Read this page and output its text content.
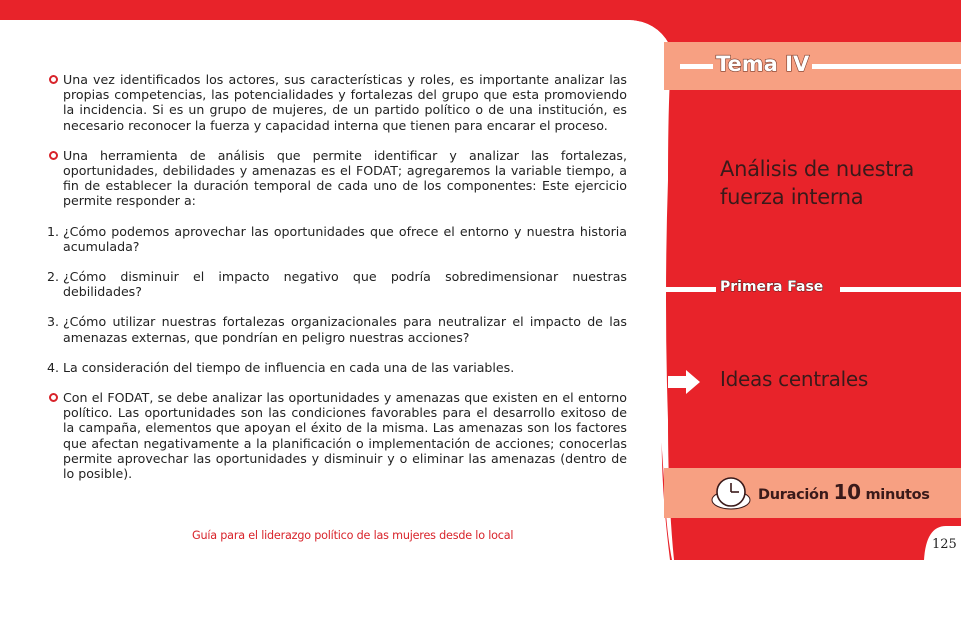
Una vez identificados los actores, sus características y roles, es importante analizar las propias competencias, las potencialidades y fortalezas del grupo que esta promoviendo la incidencia. Si es un grupo de mujeres, de un partido político o de una institución, es necesario reconocer la fuerza y capacidad interna que tienen para encarar el proceso.
Una herramienta de análisis que permite identificar y analizar las fortalezas, oportunidades, debilidades y amenazas es el FODAT; agregaremos la variable tiempo, a fin de establecer la duración temporal de cada uno de los componentes: Este ejercicio permite responder a:
1. ¿Cómo podemos aprovechar las oportunidades que ofrece el entorno y nuestra historia acumulada?
2. ¿Cómo disminuir el impacto negativo que podría sobredimensionar nuestras debilidades?
3. ¿Cómo utilizar nuestras fortalezas organizacionales para neutralizar el impacto de las amenazas externas, que pondrían en peligro nuestras acciones?
4. La consideración del tiempo de influencia en cada una de las variables.
Con el FODAT, se debe analizar las oportunidades y amenazas que existen en el entorno político. Las oportunidades son las condiciones favorables para el desarrollo exitoso de la campaña, elementos que apoyan el éxito de la misma. Las amenazas son los factores que afectan negativamente a la planificación o implementación de acciones; conocerlas permite aprovechar las oportunidades y disminuir y o eliminar las amenazas (dentro de lo posible).
Guía para el liderazgo político de las mujeres desde lo local
Tema IV
Análisis de nuestra fuerza interna
Primera Fase
Ideas centrales
Duración 10 minutos
125
